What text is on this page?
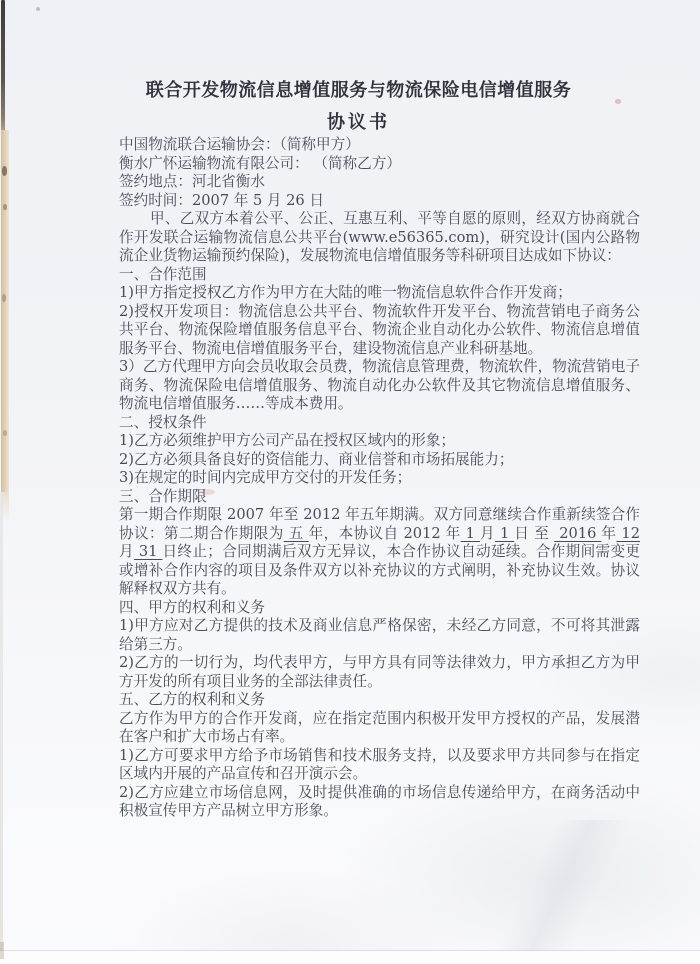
联合开发物流信息增值服务与物流保险电信增值服务
协议书

中国物流联合运输协会：（简称甲方）

衡水广怀运输物流有限公司： （简称乙方）

签约地点：河北省衡水

签约时间：2007 年 5 月 26 日

甲、乙双方本着公平、公正、互惠互利、平等自愿的原则，经双方协商就合作开发联合运输物流信息公共平台(www.e56365.com)，研究设计(国内公路物流企业货物运输预约保险)，发展物流电信增值服务等科研项目达成如下协议：

一、合作范围

1)甲方指定授权乙方作为甲方在大陆的唯一物流信息软件合作开发商；

2)授权开发项目：物流信息公共平台、物流软件开发平台、物流营销电子商务公共平台、物流保险增值服务信息平台、物流企业自动化办公软件、物流信息增值服务平台、物流电信增值服务平台，建设物流信息产业科研基地。

3）乙方代理甲方向会员收取会员费，物流信息管理费，物流软件，物流营销电子商务、物流保险电信增值服务、物流自动化办公软件及其它物流信息增值服务、物流电信增值服务……等成本费用。

二、授权条件

1)乙方必须维护甲方公司产品在授权区域内的形象；

2)乙方必须具备良好的资信能力、商业信誉和市场拓展能力；

3)在规定的时间内完成甲方交付的开发任务；

三、合作期限

第一期合作期限 2007 年至 2012 年五年期满。双方同意继续合作重新续签合作协议：第二期合作期限为 五 年，本协议自 2012 年 1 月 1 日 至  2016 年 12月 31 日终止；合同期满后双方无异议，本合作协议自动延续。合作期间需变更或增补合作内容的项目及条件双方以补充协议的方式阐明，补充协议生效。协议解释权双方共有。

四、甲方的权利和义务

1)甲方应对乙方提供的技术及商业信息严格保密，未经乙方同意，不可将其泄露给第三方。

2)乙方的一切行为，均代表甲方，与甲方具有同等法律效力，甲方承担乙方为甲方开发的所有项目业务的全部法律责任。

五、乙方的权利和义务

乙方作为甲方的合作开发商，应在指定范围内积极开发甲方授权的产品，发展潜在客户和扩大市场占有率。

1)乙方可要求甲方给予市场销售和技术服务支持，以及要求甲方共同参与在指定区域内开展的产品宣传和召开演示会。

2)乙方应建立市场信息网，及时提供准确的市场信息传递给甲方，在商务活动中积极宣传甲方产品树立甲方形象。
